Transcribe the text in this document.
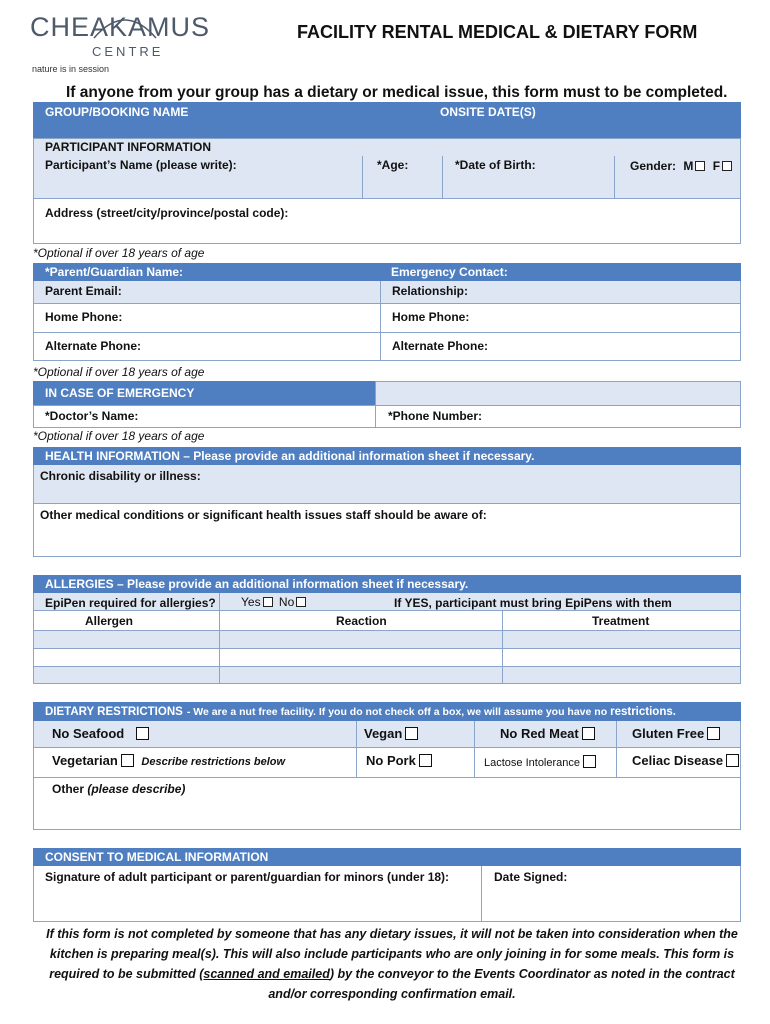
CHEAKAMUS
CENTRE
nature is in session
FACILITY RENTAL MEDICAL & DIETARY FORM
If anyone from your group has a dietary or medical issue, this form must to be completed.
GROUP/BOOKING NAME	ONSITE DATE(S)
PARTICIPANT INFORMATION
Participant’s Name (please write):	*Age:	*Date of Birth:	Gender: M F
Address (street/city/province/postal code):
*Optional if over 18 years of age
*Parent/Guardian Name:	Emergency Contact:
Parent Email:	Relationship:
Home Phone:	Home Phone:
Alternate Phone:	Alternate Phone:
*Optional if over 18 years of age
IN CASE OF EMERGENCY
*Doctor’s Name:	*Phone Number:
*Optional if over 18 years of age
HEALTH INFORMATION – Please provide an additional information sheet if necessary.
Chronic disability or illness:
Other medical conditions or significant health issues staff should be aware of:
ALLERGIES – Please provide an additional information sheet if necessary.
EpiPen required for allergies? Yes No	If YES, participant must bring EpiPens with them
Allergen	Reaction	Treatment
DIETARY RESTRICTIONS - We are a nut free facility. If you do not check off a box, we will assume you have no restrictions.
No Seafood	Vegan	No Red Meat	Gluten Free
Vegetarian Describe restrictions below	No Pork	Lactose Intolerance	Celiac Disease
Other (please describe)
CONSENT TO MEDICAL INFORMATION
Signature of adult participant or parent/guardian for minors (under 18):	Date Signed:
If this form is not completed by someone that has any dietary issues, it will not be taken into consideration when the kitchen is preparing meal(s). This will also include participants who are only joining in for some meals. This form is required to be submitted (scanned and emailed) by the conveyor to the Events Coordinator as noted in the contract and/or corresponding confirmation email.
